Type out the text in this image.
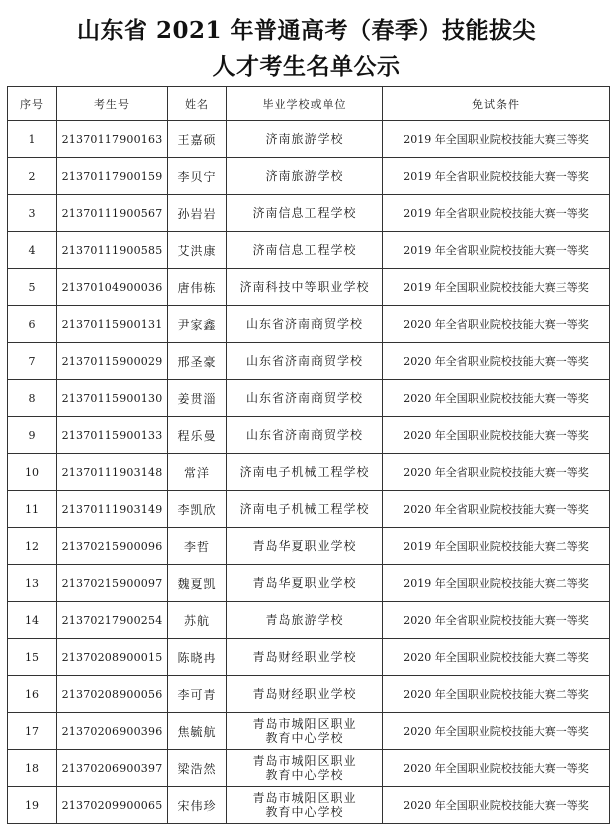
山东省 2021 年普通高考（春季）技能拔尖
人才考生名单公示
序号	考生号	姓名	毕业学校或单位	免试条件
1	21370117900163	王嘉硕	济南旅游学校	2019 年全国职业院校技能大赛三等奖
2	21370117900159	李贝宁	济南旅游学校	2019 年全省职业院校技能大赛一等奖
3	21370111900567	孙岩岩	济南信息工程学校	2019 年全省职业院校技能大赛一等奖
4	21370111900585	艾洪康	济南信息工程学校	2019 年全省职业院校技能大赛一等奖
5	21370104900036	唐伟栋	济南科技中等职业学校	2019 年全国职业院校技能大赛三等奖
6	21370115900131	尹家鑫	山东省济南商贸学校	2020 年全省职业院校技能大赛一等奖
7	21370115900029	邢圣豪	山东省济南商贸学校	2020 年全省职业院校技能大赛一等奖
8	21370115900130	姜贯淄	山东省济南商贸学校	2020 年全国职业院校技能大赛一等奖
9	21370115900133	程乐曼	山东省济南商贸学校	2020 年全国职业院校技能大赛一等奖
10	21370111903148	常洋	济南电子机械工程学校	2020 年全省职业院校技能大赛一等奖
11	21370111903149	李凯欣	济南电子机械工程学校	2020 年全省职业院校技能大赛一等奖
12	21370215900096	李哲	青岛华夏职业学校	2019 年全国职业院校技能大赛二等奖
13	21370215900097	魏夏凯	青岛华夏职业学校	2019 年全国职业院校技能大赛二等奖
14	21370217900254	苏航	青岛旅游学校	2020 年全省职业院校技能大赛一等奖
15	21370208900015	陈晓冉	青岛财经职业学校	2020 年全国职业院校技能大赛二等奖
16	21370208900056	李可青	青岛财经职业学校	2020 年全国职业院校技能大赛二等奖
17	21370206900396	焦毓航	青岛市城阳区职业
教育中心学校	2020 年全国职业院校技能大赛一等奖
18	21370206900397	梁浩然	青岛市城阳区职业
教育中心学校	2020 年全国职业院校技能大赛一等奖
19	21370209900065	宋伟珍	青岛市城阳区职业
教育中心学校	2020 年全国职业院校技能大赛一等奖
